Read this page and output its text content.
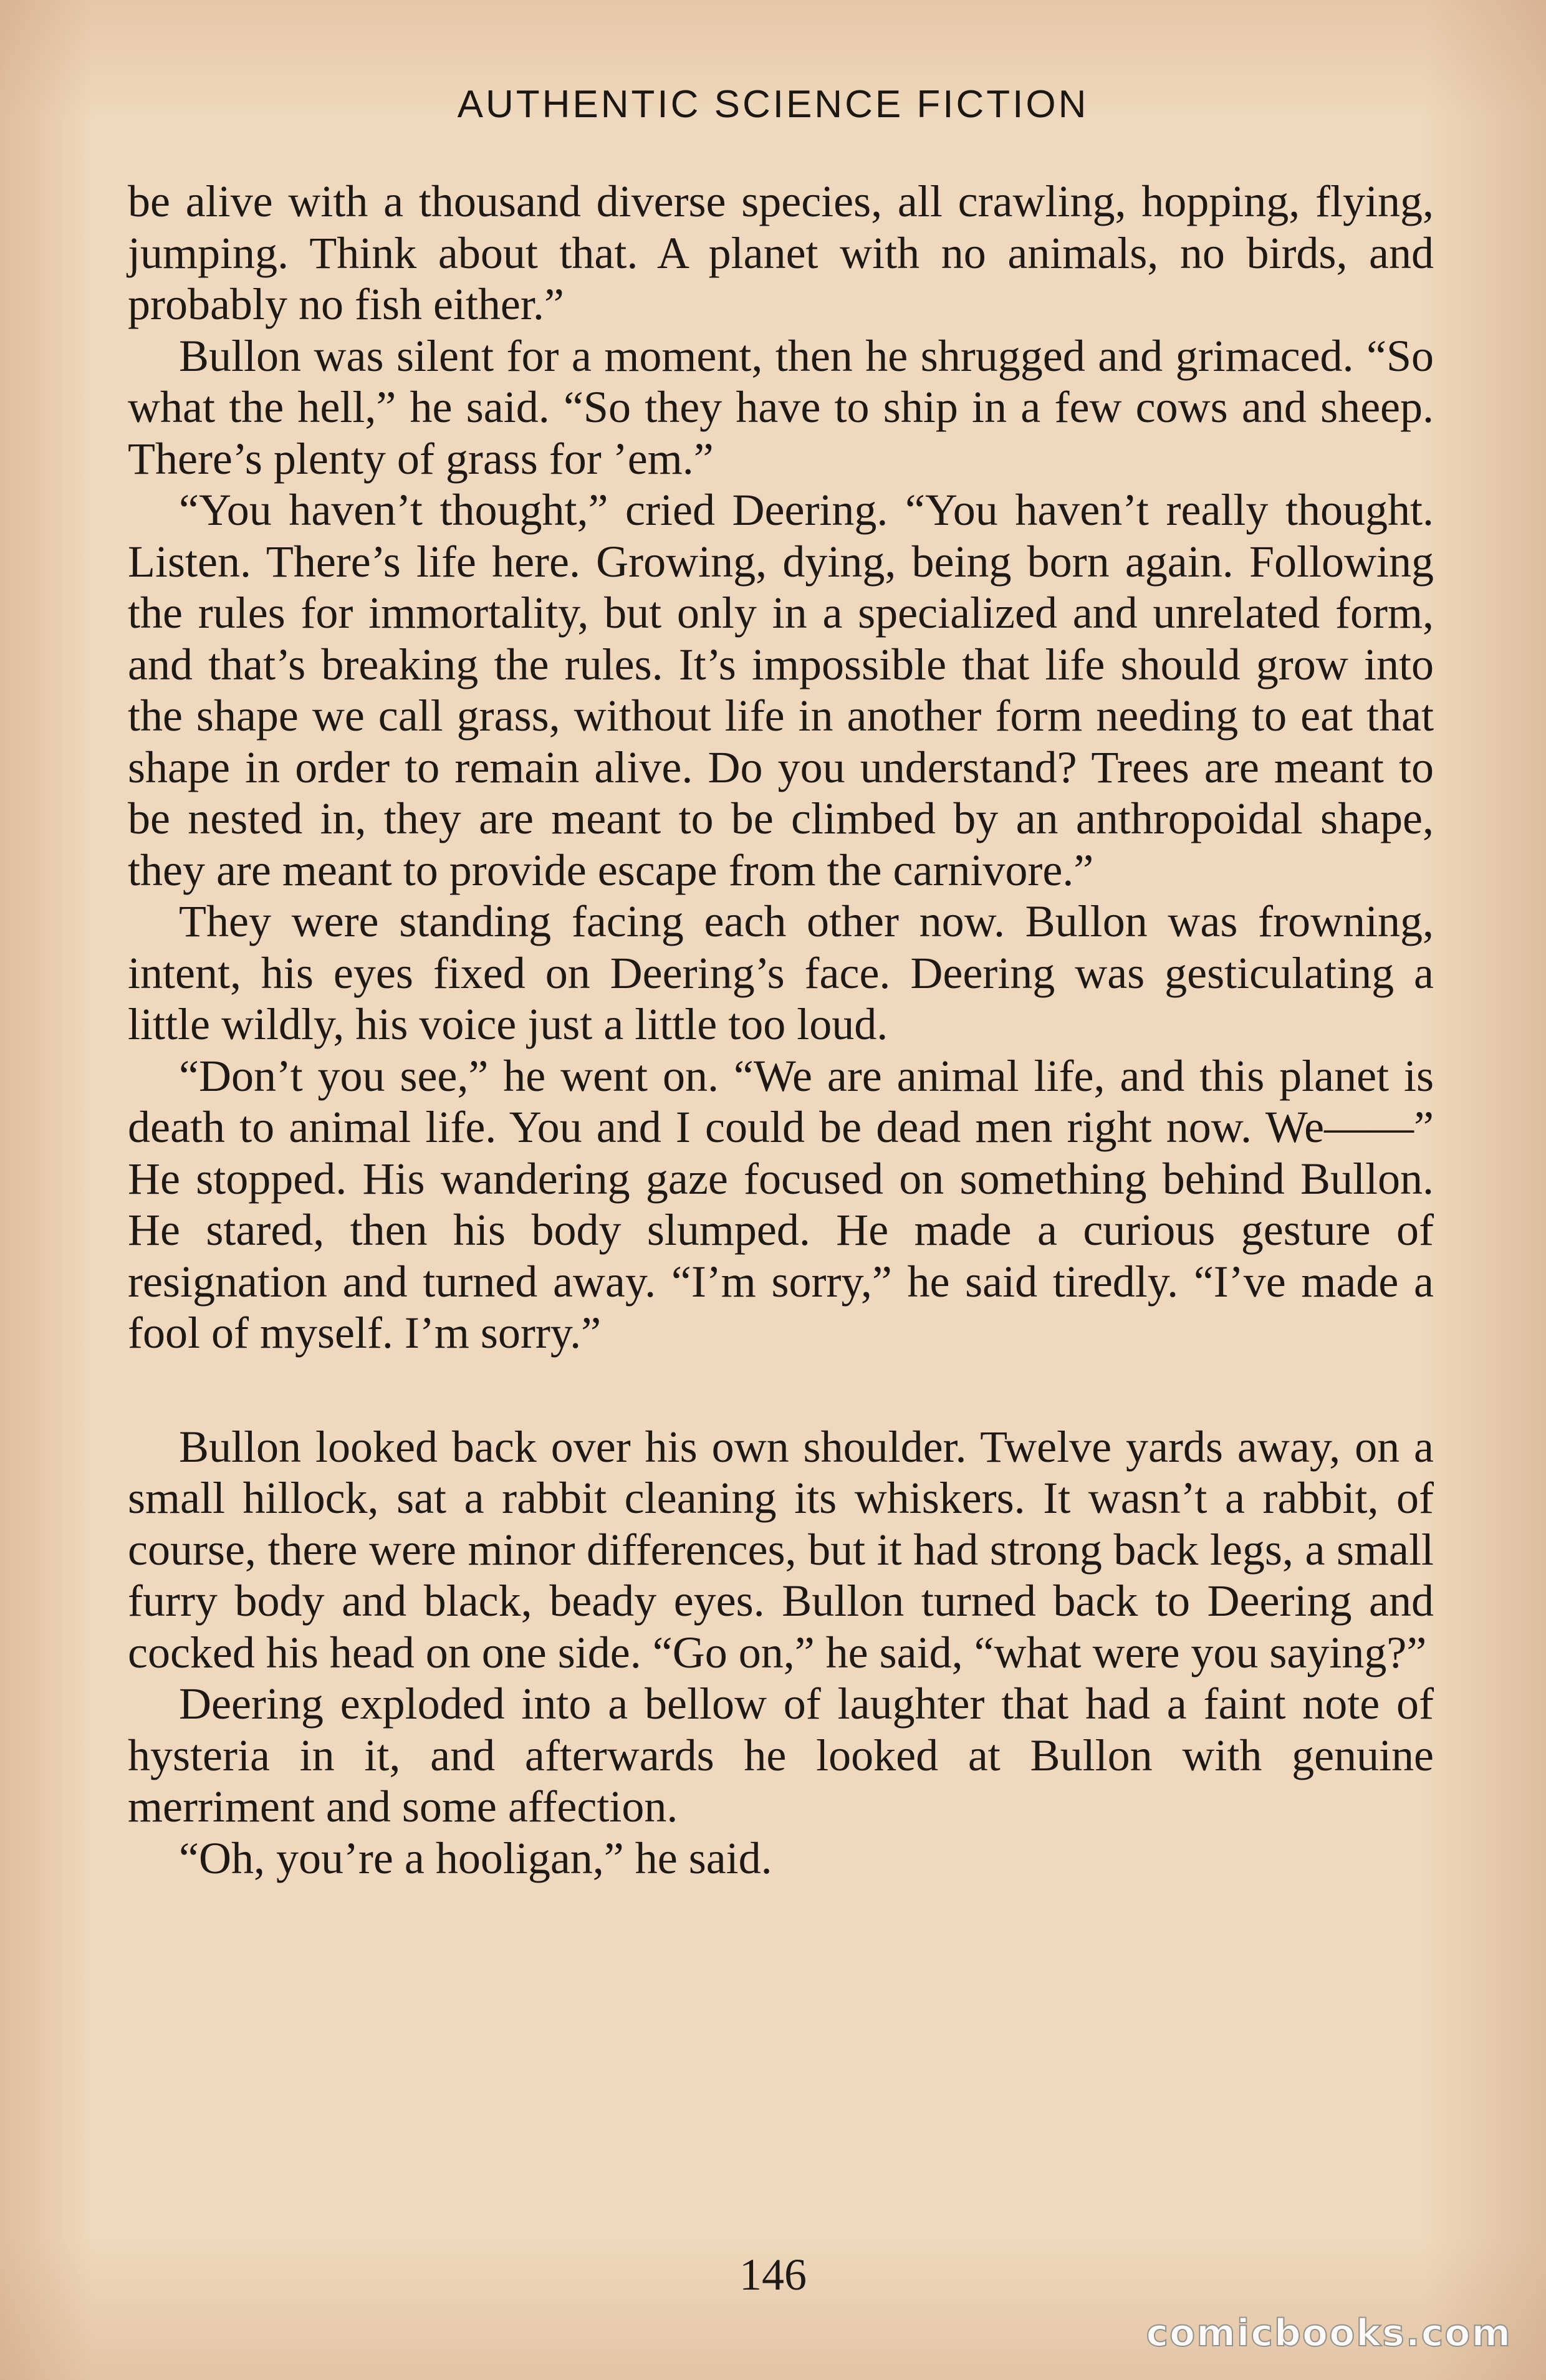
AUTHENTIC SCIENCE FICTION

be alive with a thousand diverse species, all crawling, hopping, flying, jumping. Think about that. A planet with no animals, no birds, and probably no fish either.”

Bullon was silent for a moment, then he shrugged and grimaced. “So what the hell,” he said. “So they have to ship in a few cows and sheep. There’s plenty of grass for ’em.”

“You haven’t thought,” cried Deering. “You haven’t really thought. Listen. There’s life here. Growing, dying, being born again. Following the rules for immortality, but only in a specialized and unrelated form, and that’s breaking the rules. It’s impossible that life should grow into the shape we call grass, without life in another form needing to eat that shape in order to remain alive. Do you understand? Trees are meant to be nested in, they are meant to be climbed by an anthropoidal shape, they are meant to provide escape from the carnivore.”

They were standing facing each other now. Bullon was frowning, intent, his eyes fixed on Deering’s face. Deering was gesticulating a little wildly, his voice just a little too loud.

“Don’t you see,” he went on. “We are animal life, and this planet is death to animal life. You and I could be dead men right now. We——” He stopped. His wandering gaze focused on something behind Bullon. He stared, then his body slumped. He made a curious gesture of resignation and turned away. “I’m sorry,” he said tiredly. “I’ve made a fool of myself. I’m sorry.”

Bullon looked back over his own shoulder. Twelve yards away, on a small hillock, sat a rabbit cleaning its whiskers. It wasn’t a rabbit, of course, there were minor differences, but it had strong back legs, a small furry body and black, beady eyes. Bullon turned back to Deering and cocked his head on one side. “Go on,” he said, “what were you saying?”

Deering exploded into a bellow of laughter that had a faint note of hysteria in it, and afterwards he looked at Bullon with genuine merriment and some affection.

“Oh, you’re a hooligan,” he said.

146
comicbooks.com
